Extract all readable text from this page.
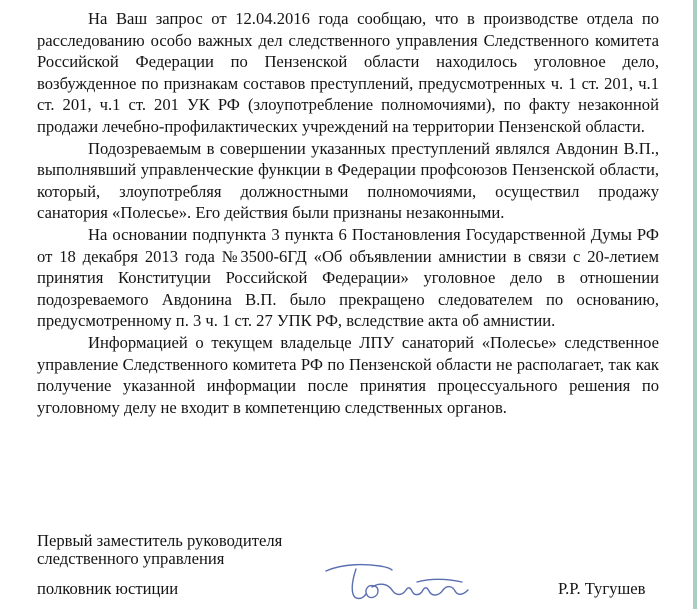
На Ваш запрос от 12.04.2016 года сообщаю, что в производстве отдела по расследованию особо важных дел следственного управления Следственного комитета Российской Федерации по Пензенской области находилось уголовное дело, возбужденное по признакам составов преступлений, предусмотренных ч. 1 ст. 201, ч.1 ст. 201, ч.1 ст. 201 УК РФ (злоупотребление полномочиями), по факту незаконной продажи лечебно-профилактических учреждений на территории Пензенской области.

Подозреваемым в совершении указанных преступлений являлся Авдонин В.П., выполнявший управленческие функции в Федерации профсоюзов Пензенской области, который, злоупотребляя должностными полномочиями, осуществил продажу санатория «Полесье». Его действия были признаны незаконными.

На основании подпункта 3 пункта 6 Постановления Государственной Думы РФ от 18 декабря 2013 года №3500-6ГД «Об объявлении амнистии в связи с 20-летием принятия Конституции Российской Федерации» уголовное дело в отношении подозреваемого Авдонина В.П. было прекращено следователем по основанию, предусмотренному п. 3 ч. 1 ст. 27 УПК РФ, вследствие акта об амнистии.

Информацией о текущем владельце ЛПУ санаторий «Полесье» следственное управление Следственного комитета РФ по Пензенской области не располагает, так как получение указанной информации после принятия процессуального решения по уголовному делу не входит в компетенцию следственных органов.

Первый заместитель руководителя
следственного управления
полковник юстиции	Р.Р. Тугушев
